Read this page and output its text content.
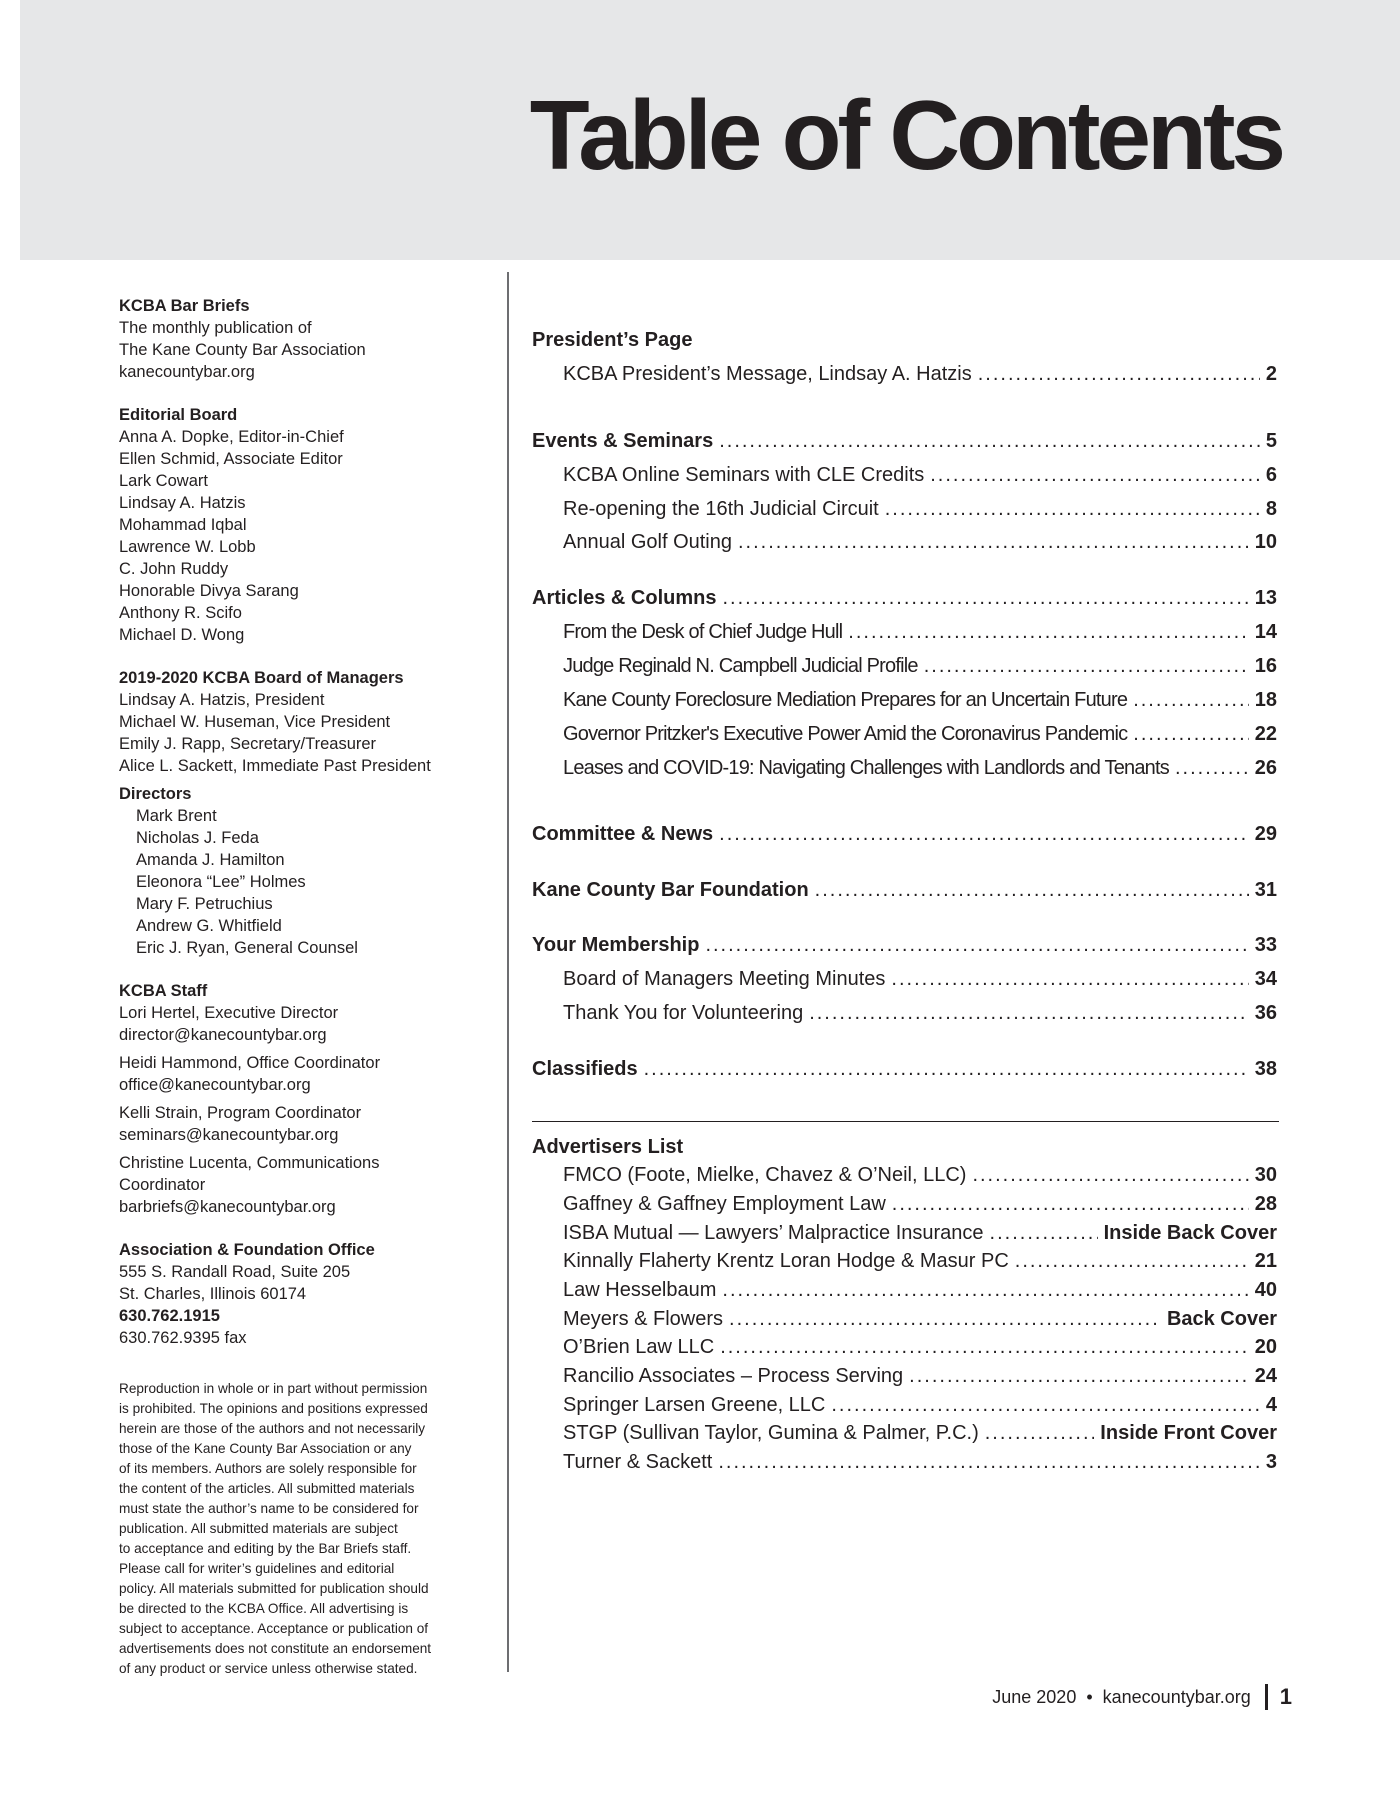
Table of Contents
KCBA Bar Briefs
The monthly publication of
The Kane County Bar Association
kanecountybar.org
Editorial Board
Anna A. Dopke, Editor-in-Chief
Ellen Schmid, Associate Editor
Lark Cowart
Lindsay A. Hatzis
Mohammad Iqbal
Lawrence W. Lobb
C. John Ruddy
Honorable Divya Sarang
Anthony R. Scifo
Michael D. Wong
2019-2020 KCBA Board of Managers
Lindsay A. Hatzis, President
Michael W. Huseman, Vice President
Emily J. Rapp, Secretary/Treasurer
Alice L. Sackett, Immediate Past President
Directors
Mark Brent
Nicholas J. Feda
Amanda J. Hamilton
Eleonora “Lee” Holmes
Mary F. Petruchius
Andrew G. Whitfield
Eric J. Ryan, General Counsel
KCBA Staff
Lori Hertel, Executive Director
director@kanecountybar.org
Heidi Hammond, Office Coordinator
office@kanecountybar.org
Kelli Strain, Program Coordinator
seminars@kanecountybar.org
Christine Lucenta, Communications Coordinator
barbriefs@kanecountybar.org
Association & Foundation Office
555 S. Randall Road, Suite 205
St. Charles, Illinois 60174
630.762.1915
630.762.9395 fax
Reproduction in whole or in part without permission
is prohibited. The opinions and positions expressed
herein are those of the authors and not necessarily
those of the Kane County Bar Association or any
of its members. Authors are solely responsible for
the content of the articles. All submitted materials
must state the author’s name to be considered for
publication. All submitted materials are subject
to acceptance and editing by the Bar Briefs staff.
Please call for writer’s guidelines and editorial
policy. All materials submitted for publication should
be directed to the KCBA Office. All advertising is
subject to acceptance. Acceptance or publication of
advertisements does not constitute an endorsement
of any product or service unless otherwise stated.
President’s Page
KCBA President’s Message, Lindsay A. Hatzis .....	2
Events & Seminars .....	5
KCBA Online Seminars with CLE Credits .....	6
Re-opening the 16th Judicial Circuit .....	8
Annual Golf Outing .....	10
Articles & Columns .....	13
From the Desk of Chief Judge Hull .....	14
Judge Reginald N. Campbell Judicial Profile .....	16
Kane County Foreclosure Mediation Prepares for an Uncertain Future .....	18
Governor Pritzker's Executive Power Amid the Coronavirus Pandemic .....	22
Leases and COVID-19: Navigating Challenges with Landlords and Tenants .....	26
Committee & News .....	29
Kane County Bar Foundation .....	31
Your Membership .....	33
Board of Managers Meeting Minutes .....	34
Thank You for Volunteering .....	36
Classifieds .....	38
Advertisers List
FMCO (Foote, Mielke, Chavez & O’Neil, LLC) .....	30
Gaffney & Gaffney Employment Law .....	28
ISBA Mutual — Lawyers’ Malpractice Insurance .....	Inside Back Cover
Kinnally Flaherty Krentz Loran Hodge & Masur PC .....	21
Law Hesselbaum .....	40
Meyers & Flowers .....	Back Cover
O’Brien Law LLC .....	20
Rancilio Associates – Process Serving .....	24
Springer Larsen Greene, LLC .....	4
STGP (Sullivan Taylor, Gumina & Palmer, P.C.) .....	Inside Front Cover
Turner & Sackett .....	3
June 2020 • kanecountybar.org 1
